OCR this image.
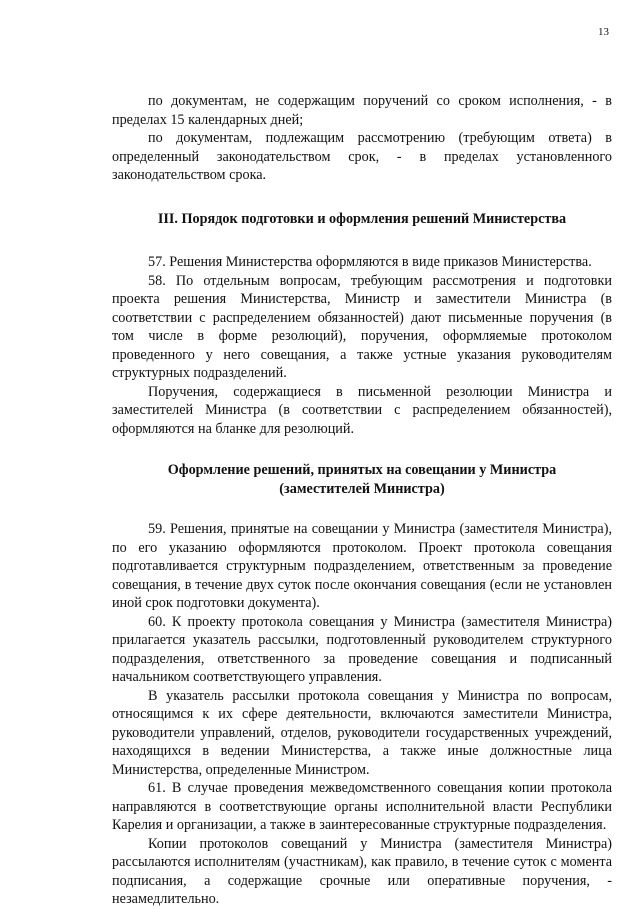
13

по документам, не содержащим поручений со сроком исполнения, - в пределах 15 календарных дней;

по документам, подлежащим рассмотрению (требующим ответа) в определенный законодательством срок, - в пределах установленного законодательством срока.

III. Порядок подготовки и оформления решений Министерства

57. Решения Министерства оформляются в виде приказов Министерства.

58. По отдельным вопросам, требующим рассмотрения и подготовки проекта решения Министерства, Министр и заместители Министра (в соответствии с распределением обязанностей) дают письменные поручения (в том числе в форме резолюций), поручения, оформляемые протоколом проведенного у него совещания, а также устные указания руководителям структурных подразделений.

Поручения, содержащиеся в письменной резолюции Министра и заместителей Министра (в соответствии с распределением обязанностей), оформляются на бланке для резолюций.

Оформление решений, принятых на совещании у Министра
(заместителей Министра)

59. Решения, принятые на совещании у Министра (заместителя Министра), по его указанию оформляются протоколом. Проект протокола совещания подготавливается структурным подразделением, ответственным за проведение совещания, в течение двух суток после окончания совещания (если не установлен иной срок подготовки документа).

60. К проекту протокола совещания у Министра (заместителя Министра) прилагается указатель рассылки, подготовленный руководителем структурного подразделения, ответственного за проведение совещания и подписанный начальником соответствующего управления.

В указатель рассылки протокола совещания у Министра по вопросам, относящимся к их сфере деятельности, включаются заместители Министра, руководители управлений, отделов, руководители государственных учреждений, находящихся в ведении Министерства, а также иные должностные лица Министерства, определенные Министром.

61. В случае проведения межведомственного совещания копии протокола направляются в соответствующие органы исполнительной власти Республики Карелия и организации, а также в заинтересованные структурные подразделения.

Копии протоколов совещаний у Министра (заместителя Министра) рассылаются исполнителям (участникам), как правило, в течение суток с момента подписания, а содержащие срочные или оперативные поручения, - незамедлительно.
